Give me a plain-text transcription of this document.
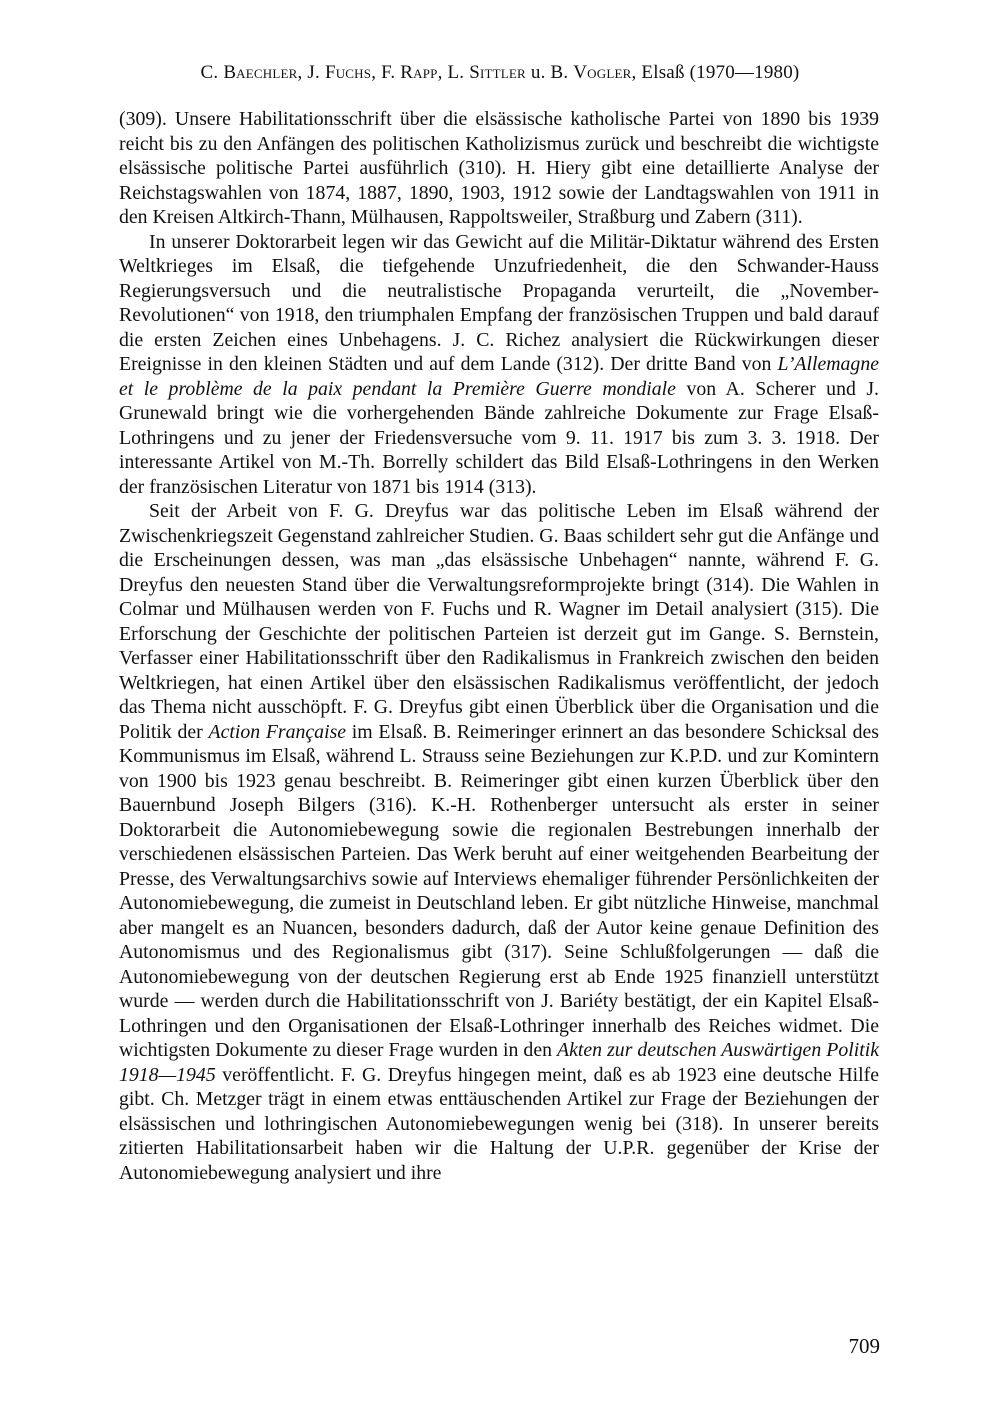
C. Baechler, J. Fuchs, F. Rapp, L. Sittler u. B. Vogler, Elsaß (1970—1980)

(309). Unsere Habilitationsschrift über die elsässische katholische Partei von 1890 bis 1939 reicht bis zu den Anfängen des politischen Katholizismus zurück und beschreibt die wichtigste elsässische politische Partei ausführlich (310). H. Hiery gibt eine detaillierte Analyse der Reichstagswahlen von 1874, 1887, 1890, 1903, 1912 sowie der Landtagswahlen von 1911 in den Kreisen Altkirch-Thann, Mülhausen, Rappoltsweiler, Straßburg und Zabern (311).

In unserer Doktorarbeit legen wir das Gewicht auf die Militär-Diktatur während des Ersten Weltkrieges im Elsaß, die tiefgehende Unzufriedenheit, die den Schwander-Hauss Regierungsversuch und die neutralistische Propaganda verurteilt, die „November-Revolutionen“ von 1918, den triumphalen Empfang der französischen Truppen und bald darauf die ersten Zeichen eines Unbehagens. J. C. Richez analysiert die Rückwirkungen dieser Ereignisse in den kleinen Städten und auf dem Lande (312). Der dritte Band von L’Allemagne et le problème de la paix pendant la Première Guerre mondiale von A. Scherer und J. Grunewald bringt wie die vorhergehenden Bände zahlreiche Dokumente zur Frage Elsaß-Lothringens und zu jener der Friedensversuche vom 9. 11. 1917 bis zum 3. 3. 1918. Der interessante Artikel von M.-Th. Borrelly schildert das Bild Elsaß-Lothringens in den Werken der französischen Literatur von 1871 bis 1914 (313).

Seit der Arbeit von F. G. Dreyfus war das politische Leben im Elsaß während der Zwischenkriegszeit Gegenstand zahlreicher Studien. G. Baas schildert sehr gut die Anfänge und die Erscheinungen dessen, was man „das elsässische Unbehagen“ nannte, während F. G. Dreyfus den neuesten Stand über die Verwaltungsreformprojekte bringt (314). Die Wahlen in Colmar und Mülhausen werden von F. Fuchs und R. Wagner im Detail analysiert (315). Die Erforschung der Geschichte der politischen Parteien ist derzeit gut im Gange. S. Bernstein, Verfasser einer Habilitationsschrift über den Radikalismus in Frankreich zwischen den beiden Weltkriegen, hat einen Artikel über den elsässischen Radikalismus veröffentlicht, der jedoch das Thema nicht ausschöpft. F. G. Dreyfus gibt einen Überblick über die Organisation und die Politik der Action Française im Elsaß. B. Reimeringer erinnert an das besondere Schicksal des Kommunismus im Elsaß, während L. Strauss seine Beziehungen zur K.P.D. und zur Komintern von 1900 bis 1923 genau beschreibt. B. Reimeringer gibt einen kurzen Überblick über den Bauernbund Joseph Bilgers (316). K.-H. Rothenberger untersucht als erster in seiner Doktorarbeit die Autonomiebewegung sowie die regionalen Bestrebungen innerhalb der verschiedenen elsässischen Parteien. Das Werk beruht auf einer weitgehenden Bearbeitung der Presse, des Verwaltungsarchivs sowie auf Interviews ehemaliger führender Persönlichkeiten der Autonomiebewegung, die zumeist in Deutschland leben. Er gibt nützliche Hinweise, manchmal aber mangelt es an Nuancen, besonders dadurch, daß der Autor keine genaue Definition des Autonomismus und des Regionalismus gibt (317). Seine Schlußfolgerungen — daß die Autonomiebewegung von der deutschen Regierung erst ab Ende 1925 finanziell unterstützt wurde — werden durch die Habilitationsschrift von J. Bariéty bestätigt, der ein Kapitel Elsaß-Lothringen und den Organisationen der Elsaß-Lothringer innerhalb des Reiches widmet. Die wichtigsten Dokumente zu dieser Frage wurden in den Akten zur deutschen Auswärtigen Politik 1918—1945 veröffentlicht. F. G. Dreyfus hingegen meint, daß es ab 1923 eine deutsche Hilfe gibt. Ch. Metzger trägt in einem etwas enttäuschenden Artikel zur Frage der Beziehungen der elsässischen und lothringischen Autonomiebewegungen wenig bei (318). In unserer bereits zitierten Habilitationsarbeit haben wir die Haltung der U.P.R. gegenüber der Krise der Autonomiebewegung analysiert und ihre

709
